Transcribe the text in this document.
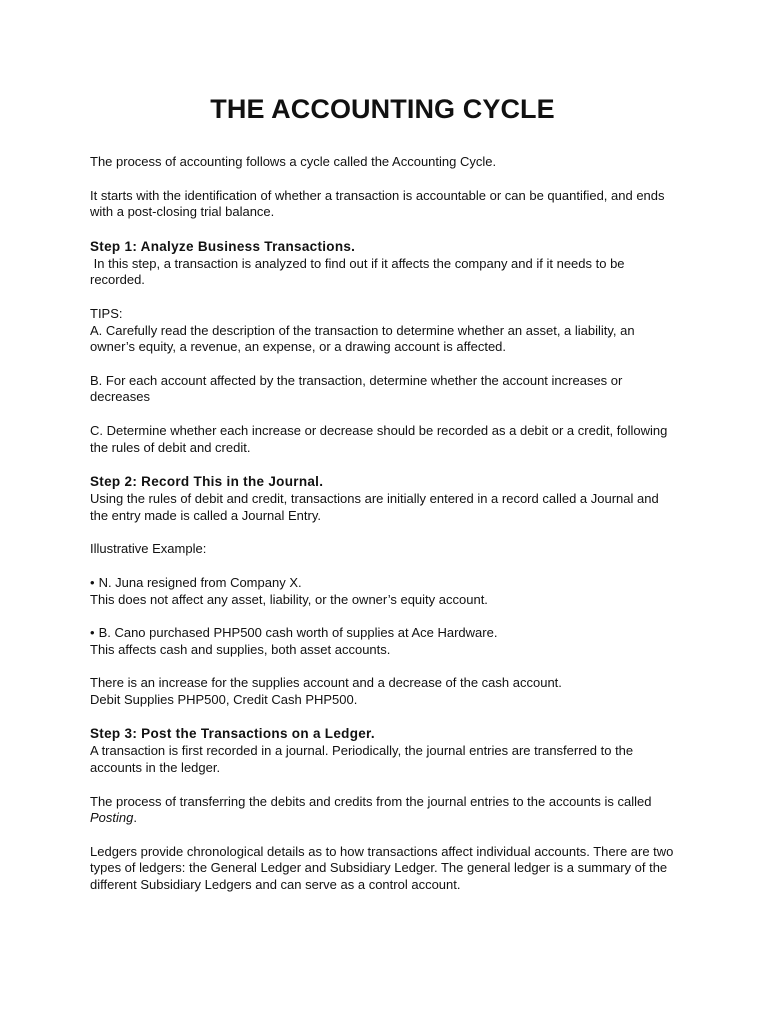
THE ACCOUNTING CYCLE

The process of accounting follows a cycle called the Accounting Cycle.

It starts with the identification of whether a transaction is accountable or can be quantified, and ends with a post-closing trial balance.

Step 1: Analyze Business Transactions.

In this step, a transaction is analyzed to find out if it affects the company and if it needs to be recorded.

TIPS:

A. Carefully read the description of the transaction to determine whether an asset, a liability, an owner’s equity, a revenue, an expense, or a drawing account is affected.

B. For each account affected by the transaction, determine whether the account increases or decreases

C. Determine whether each increase or decrease should be recorded as a debit or a credit, following the rules of debit and credit.

Step 2: Record This in the Journal.

Using the rules of debit and credit, transactions are initially entered in a record called a Journal and the entry made is called a Journal Entry.

Illustrative Example:

• N. Juna resigned from Company X.
This does not affect any asset, liability, or the owner’s equity account.

• B. Cano purchased PHP500 cash worth of supplies at Ace Hardware.
This affects cash and supplies, both asset accounts.

There is an increase for the supplies account and a decrease of the cash account.
Debit Supplies PHP500, Credit Cash PHP500.

Step 3: Post the Transactions on a Ledger.

A transaction is first recorded in a journal. Periodically, the journal entries are transferred to the accounts in the ledger.

The process of transferring the debits and credits from the journal entries to the accounts is called Posting.

Ledgers provide chronological details as to how transactions affect individual accounts. There are two types of ledgers: the General Ledger and Subsidiary Ledger. The general ledger is a summary of the different Subsidiary Ledgers and can serve as a control account.
